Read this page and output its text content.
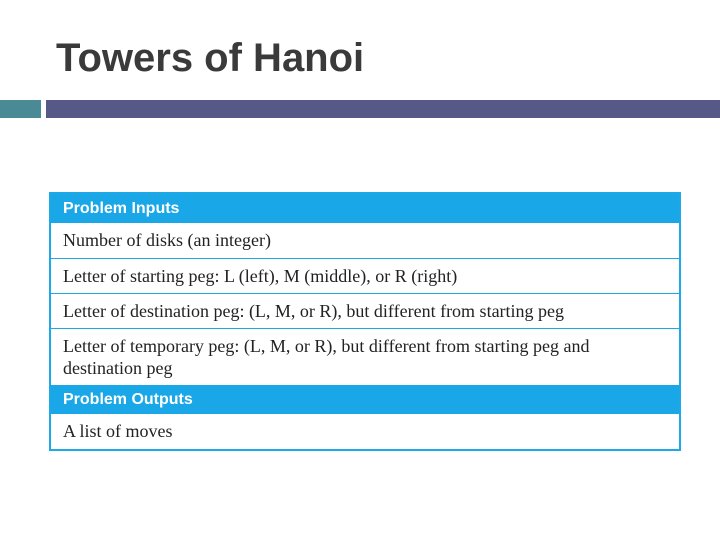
Towers of Hanoi
Problem Inputs
Number of disks (an integer)
Letter of starting peg: L (left), M (middle), or R (right)
Letter of destination peg: (L, M, or R), but different from starting peg
Letter of temporary peg: (L, M, or R), but different from starting peg and destination peg
Problem Outputs
A list of moves
